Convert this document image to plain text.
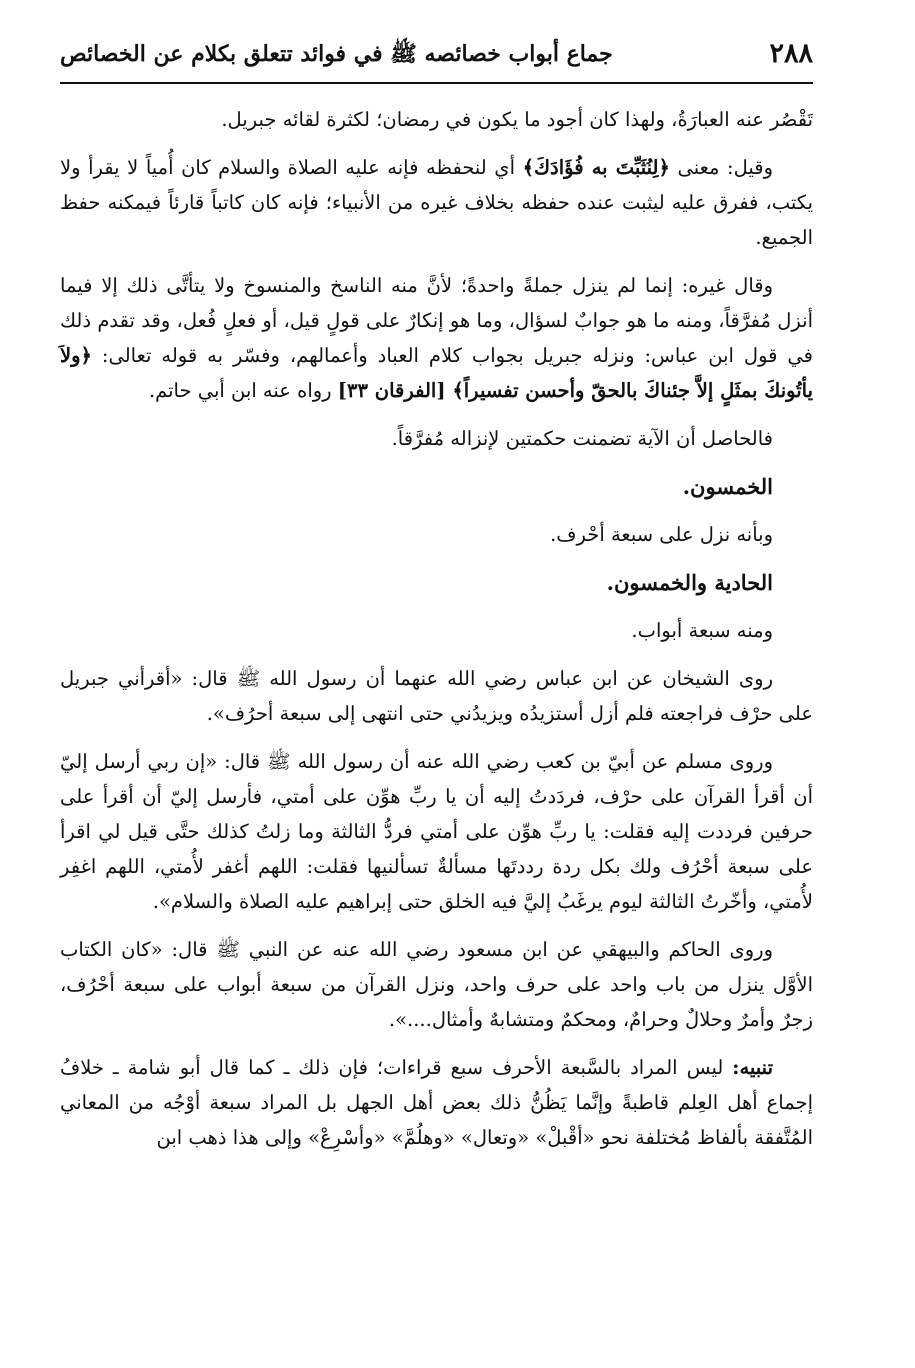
٢٨٨
جماع أبواب خصائصه ﷺ في فوائد تتعلق بكلام عن الخصائص

تَقْصُر عنه العبارَةُ، ولهذا كان أجود ما يكون في رمضان؛ لكثرة لقائه جبريل.

وقيل: معنى ﴿لِنُثَبِّتَ به فُؤَادَكَ﴾ أي لنحفظه فإنه عليه الصلاة والسلام كان أُمياً لا يقرأ ولا يكتب، ففرق عليه ليثبت عنده حفظه بخلاف غيره من الأنبياء؛ فإنه كان كاتباً قارئاً فيمكنه حفظ الجميع.

وقال غيره: إنما لم ينزل جملةً واحدةً؛ لأنَّ منه الناسخ والمنسوخ ولا يتأتَّى ذلك إلا فيما أنزل مُفرَّقاً، ومنه ما هو جوابٌ لسؤال، وما هو إنكارٌ على قولٍ قيل، أو فعلٍ فُعل، وقد تقدم ذلك في قول ابن عباس: ونزله جبريل بجواب كلام العباد وأعمالهم، وفسّر به قوله تعالى: ﴿ولاَ يأتُونكَ بمثَلٍ إلاَّ جئناكَ بالحقّ وأحسن تفسيراً﴾ [الفرقان ٣٣] رواه عنه ابن أبي حاتم.

فالحاصل أن الآية تضمنت حكمتين لإنزاله مُفرَّقاً.

الخمسون.

وبأنه نزل على سبعة أحْرف.

الحادية والخمسون.

ومنه سبعة أبواب.

روى الشيخان عن ابن عباس رضي الله عنهما أن رسول الله ﷺ قال: «أقرأني جبريل على حرْف فراجعته فلم أزل أستزيدُه ويزيدُني حتى انتهى إلى سبعة أحرُف».

وروى مسلم عن أبيّ بن كعب رضي الله عنه أن رسول الله ﷺ قال: «إن ربي أرسل إليّ أن أقرأ القرآن على حرْف، فردَدتُ إليه أن يا ربِّ هوِّن على أمتي، فأرسل إليّ أن أقرأ على حرفين فرددت إليه فقلت: يا ربِّ هوِّن على أمتي فردُّ الثالثة وما زلتُ كذلك حتَّى قيل لي اقرأ على سبعة أحْرُف ولك بكل ردة رددتَها مسألةٌ تسألنيها فقلت: اللهم أغفر لأُمتي، اللهم اغفِر لأُمتي، وأخّرتُ الثالثة ليوم يرغَبُ إليَّ فيه الخلق حتى إبراهيم عليه الصلاة والسلام».

وروى الحاكم والبيهقي عن ابن مسعود رضي الله عنه عن النبي ﷺ قال: «كان الكتاب الأوَّل ينزل من باب واحد على حرف واحد، ونزل القرآن من سبعة أبواب على سبعة أحْرُف، زجرٌ وأمرٌ وحلالٌ وحرامٌ، ومحكمٌ ومتشابهٌ وأمثال....».

تنبيه: ليس المراد بالسَّبعة الأحرف سبع قراءات؛ فإن ذلك ـ كما قال أبو شامة ـ خلافُ إجماع أهل العِلم قاطبةً وإنَّما يَظُنُّ ذلك بعض أهل الجهل بل المراد سبعة أوْجُه من المعاني المُتَّفقة بألفاظ مُختلفة نحو «أقْبلْ» «وتعال» «وهلُمَّ» «وأسْرِعْ» وإلى هذا ذهب ابن
